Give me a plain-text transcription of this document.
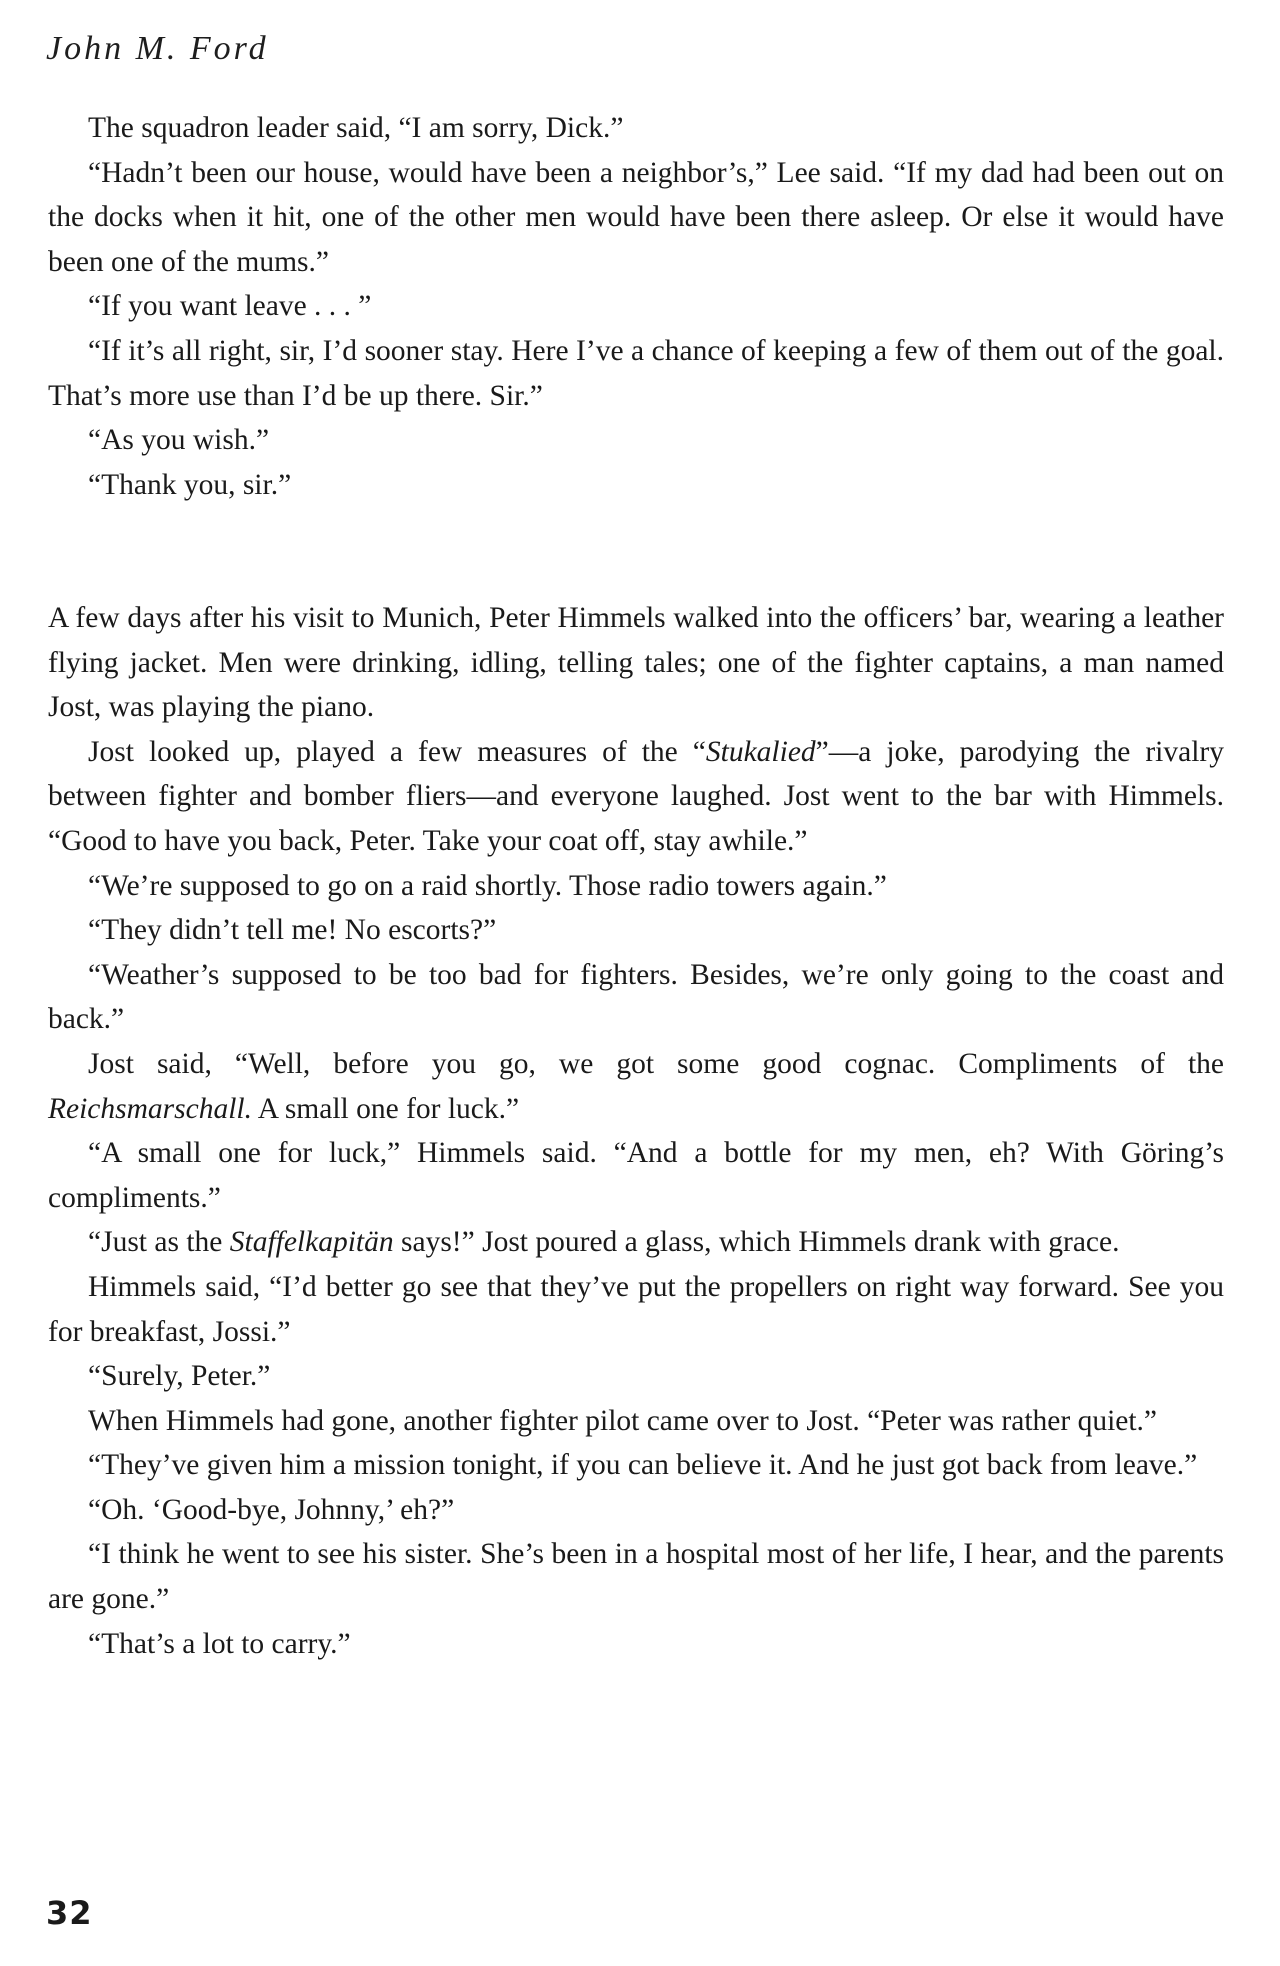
John M. Ford

The squadron leader said, “I am sorry, Dick.”

“Hadn’t been our house, would have been a neighbor’s,” Lee said. “If my dad had been out on the docks when it hit, one of the other men would have been there asleep. Or else it would have been one of the mums.”

“If you want leave . . . ”

“If it’s all right, sir, I’d sooner stay. Here I’ve a chance of keeping a few of them out of the goal. That’s more use than I’d be up there. Sir.”

“As you wish.”

“Thank you, sir.”

A few days after his visit to Munich, Peter Himmels walked into the officers’ bar, wearing a leather flying jacket. Men were drinking, idling, telling tales; one of the fighter captains, a man named Jost, was playing the piano.

Jost looked up, played a few measures of the “Stukalied”—a joke, parodying the rivalry between fighter and bomber fliers—and everyone laughed. Jost went to the bar with Himmels. “Good to have you back, Peter. Take your coat off, stay awhile.”

“We’re supposed to go on a raid shortly. Those radio towers again.”

“They didn’t tell me! No escorts?”

“Weather’s supposed to be too bad for fighters. Besides, we’re only going to the coast and back.”

Jost said, “Well, before you go, we got some good cognac. Compliments of the Reichsmarschall. A small one for luck.”

“A small one for luck,” Himmels said. “And a bottle for my men, eh? With Göring’s compliments.”

“Just as the Staffelkapitän says!” Jost poured a glass, which Himmels drank with grace.

Himmels said, “I’d better go see that they’ve put the propellers on right way forward. See you for breakfast, Jossi.”

“Surely, Peter.”

When Himmels had gone, another fighter pilot came over to Jost. “Peter was rather quiet.”

“They’ve given him a mission tonight, if you can believe it. And he just got back from leave.”

“Oh. ‘Good-bye, Johnny,’ eh?”

“I think he went to see his sister. She’s been in a hospital most of her life, I hear, and the parents are gone.”

“That’s a lot to carry.”

32
